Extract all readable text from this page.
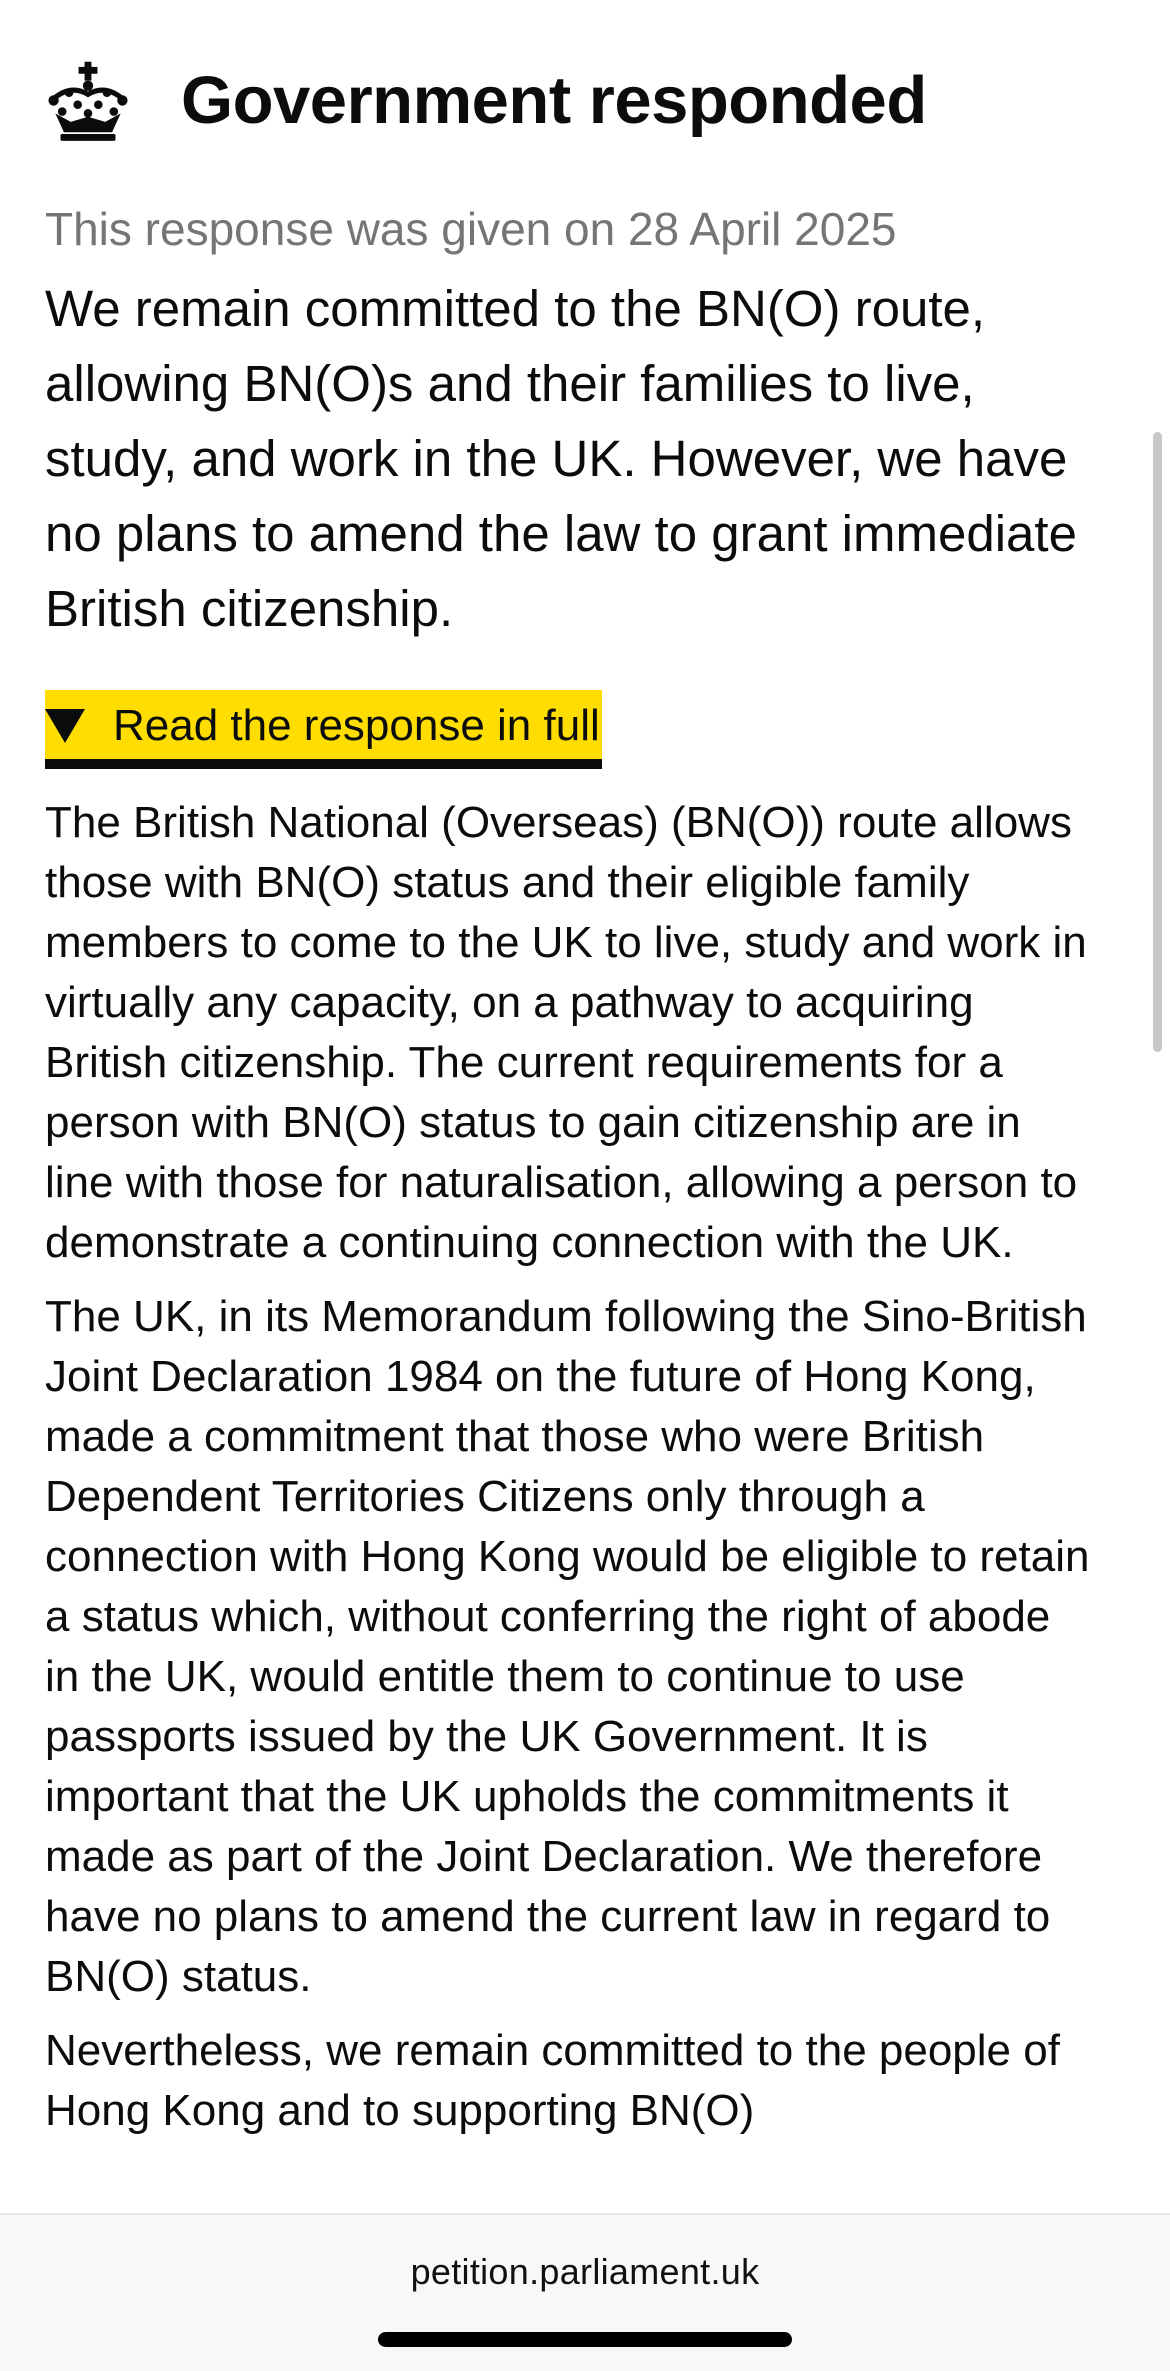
Government responded
This response was given on 28 April 2025
We remain committed to the BN(O) route, allowing BN(O)s and their families to live, study, and work in the UK. However, we have no plans to amend the law to grant immediate British citizenship.
Read the response in full

The British National (Overseas) (BN(O)) route allows those with BN(O) status and their eligible family members to come to the UK to live, study and work in virtually any capacity, on a pathway to acquiring British citizenship. The current requirements for a person with BN(O) status to gain citizenship are in line with those for naturalisation, allowing a person to demonstrate a continuing connection with the UK.

The UK, in its Memorandum following the Sino-British Joint Declaration 1984 on the future of Hong Kong, made a commitment that those who were British Dependent Territories Citizens only through a connection with Hong Kong would be eligible to retain a status which, without conferring the right of abode in the UK, would entitle them to continue to use passports issued by the UK Government. It is important that the UK upholds the commitments it made as part of the Joint Declaration. We therefore have no plans to amend the current law in regard to BN(O) status.

Nevertheless, we remain committed to the people of Hong Kong and to supporting BN(O)

petition.parliament.uk
